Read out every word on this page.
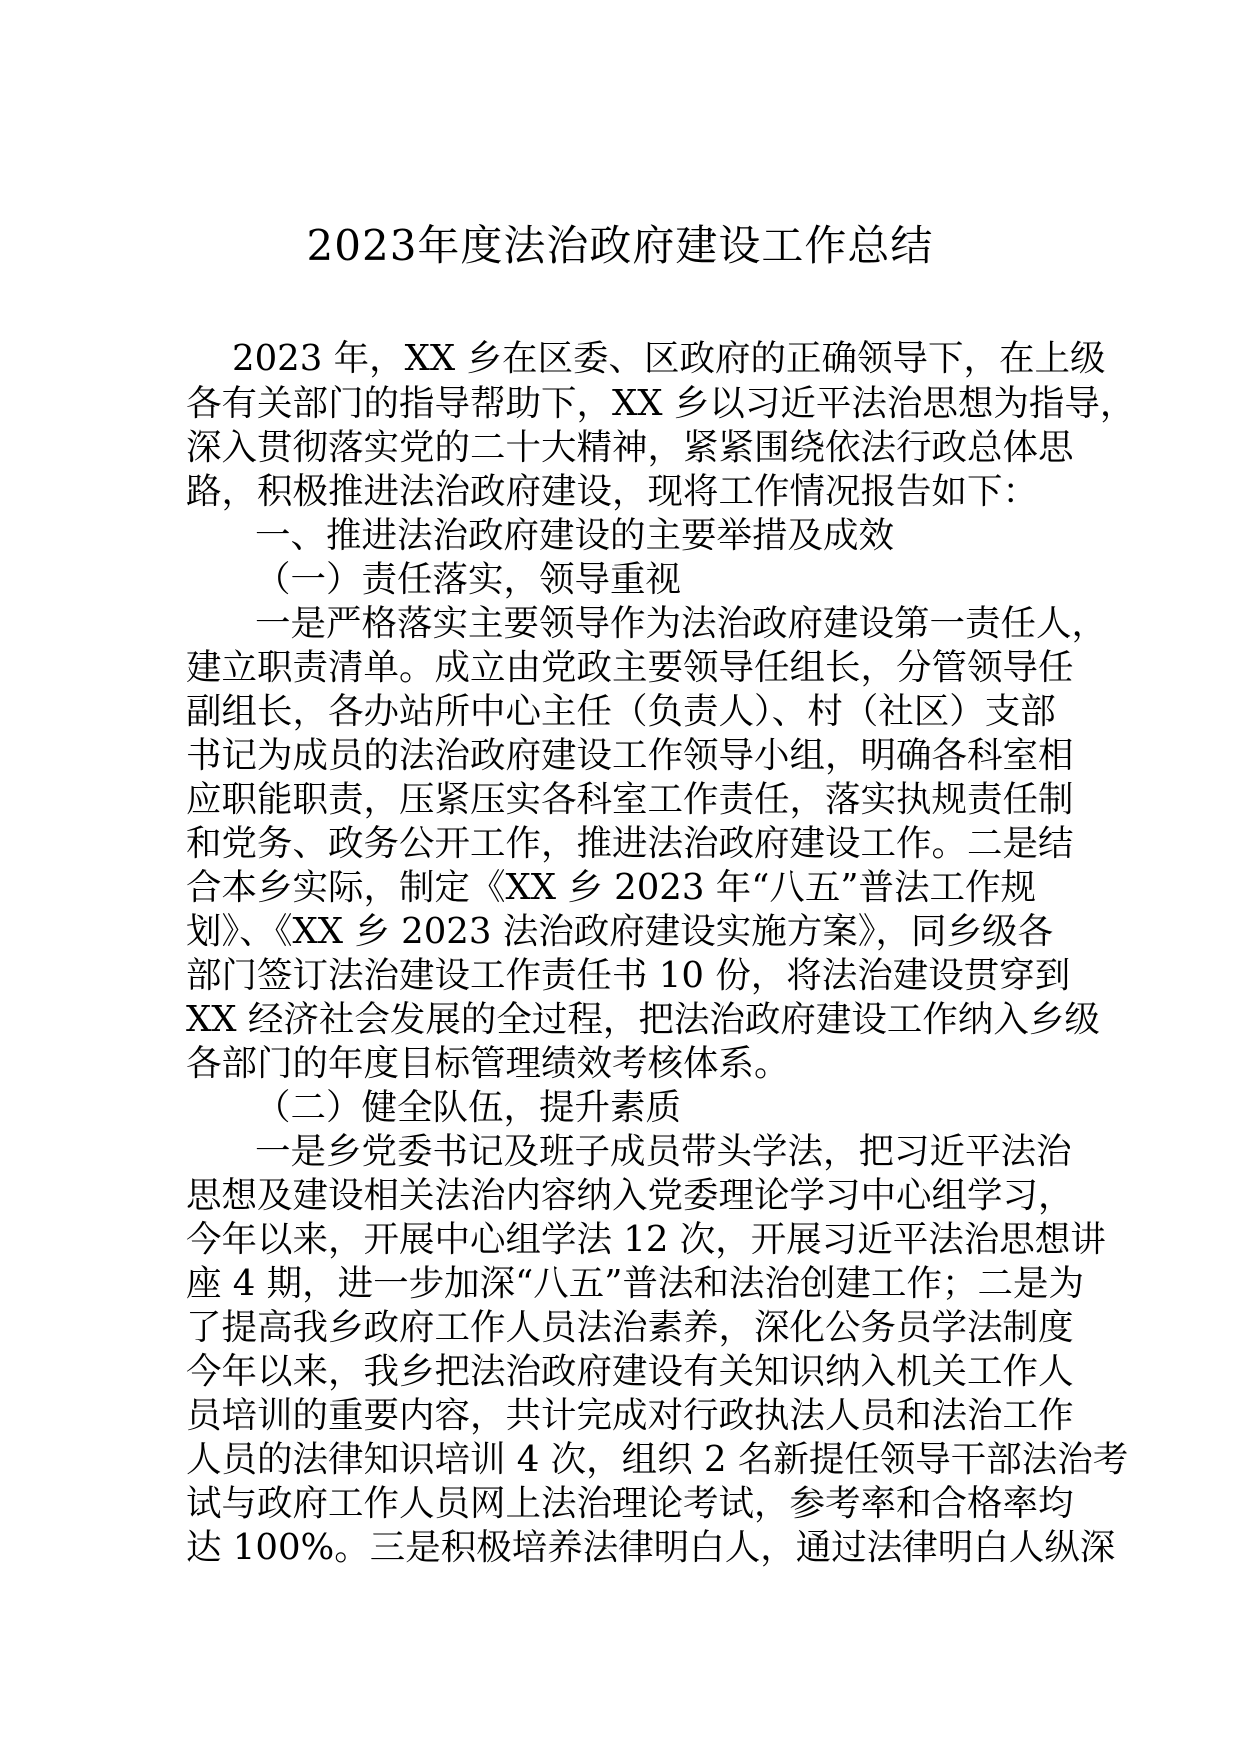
2023年度法治政府建设工作总结
2023 年，XX 乡在区委、区政府的正确领导下，在上级
各有关部门的指导帮助下，XX 乡以习近平法治思想为指导，
深入贯彻落实党的二十大精神，紧紧围绕依法行政总体思
路，积极推进法治政府建设，现将工作情况报告如下：
一、推进法治政府建设的主要举措及成效
（一）责任落实，领导重视
一是严格落实主要领导作为法治政府建设第一责任人，
建立职责清单。成立由党政主要领导任组长，分管领导任
副组长，各办站所中心主任（负责人）、村（社区）支部
书记为成员的法治政府建设工作领导小组，明确各科室相
应职能职责，压紧压实各科室工作责任，落实执规责任制
和党务、政务公开工作，推进法治政府建设工作。二是结
合本乡实际，制定《XX 乡 2023 年“八五”普法工作规
划》、《XX 乡 2023 法治政府建设实施方案》，同乡级各
部门签订法治建设工作责任书 10 份，将法治建设贯穿到
XX 经济社会发展的全过程，把法治政府建设工作纳入乡级
各部门的年度目标管理绩效考核体系。
（二）健全队伍，提升素质
一是乡党委书记及班子成员带头学法，把习近平法治
思想及建设相关法治内容纳入党委理论学习中心组学习，
今年以来，开展中心组学法 12 次，开展习近平法治思想讲
座 4 期，进一步加深“八五”普法和法治创建工作；二是为
了提高我乡政府工作人员法治素养，深化公务员学法制度
今年以来，我乡把法治政府建设有关知识纳入机关工作人
员培训的重要内容，共计完成对行政执法人员和法治工作
人员的法律知识培训 4 次，组织 2 名新提任领导干部法治考
试与政府工作人员网上法治理论考试，参考率和合格率均
达 100%。三是积极培养法律明白人，通过法律明白人纵深
